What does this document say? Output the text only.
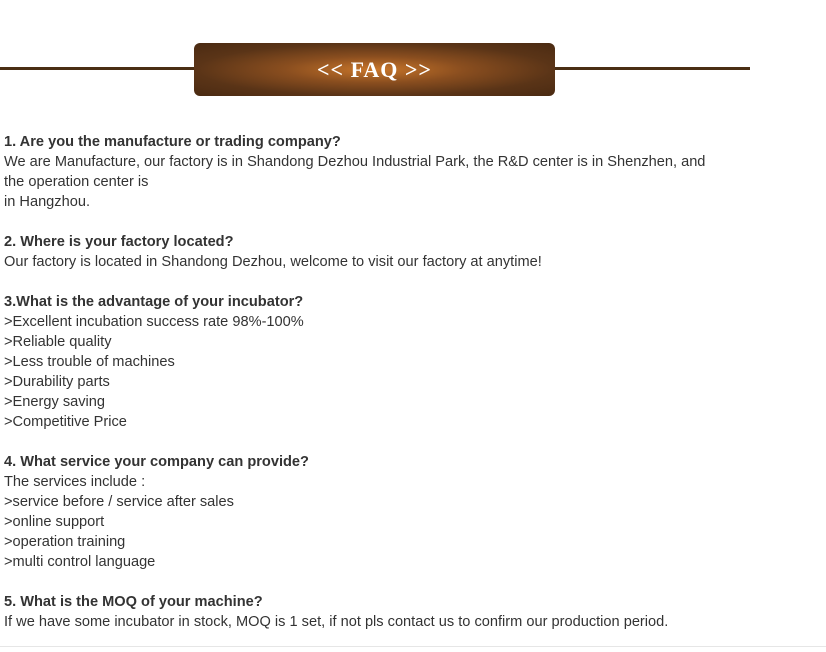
<< FAQ >>
1. Are you the manufacture or trading company?
We are Manufacture, our factory is in Shandong Dezhou Industrial Park, the R&D center is in Shenzhen, and
the operation center is
in Hangzhou.
2. Where is your factory located?
Our factory is located in Shandong Dezhou, welcome to visit our factory at anytime!
3.What is the advantage of your incubator?
>Excellent incubation success rate 98%-100%
>Reliable quality
>Less trouble of machines
>Durability parts
>Energy saving
>Competitive Price
4. What service your company can provide?
The services include :
>service before / service after sales
>online support
>operation training
>multi control language
5. What is the MOQ of your machine?
If we have some incubator in stock, MOQ is 1 set, if not pls contact us to confirm our production period.
